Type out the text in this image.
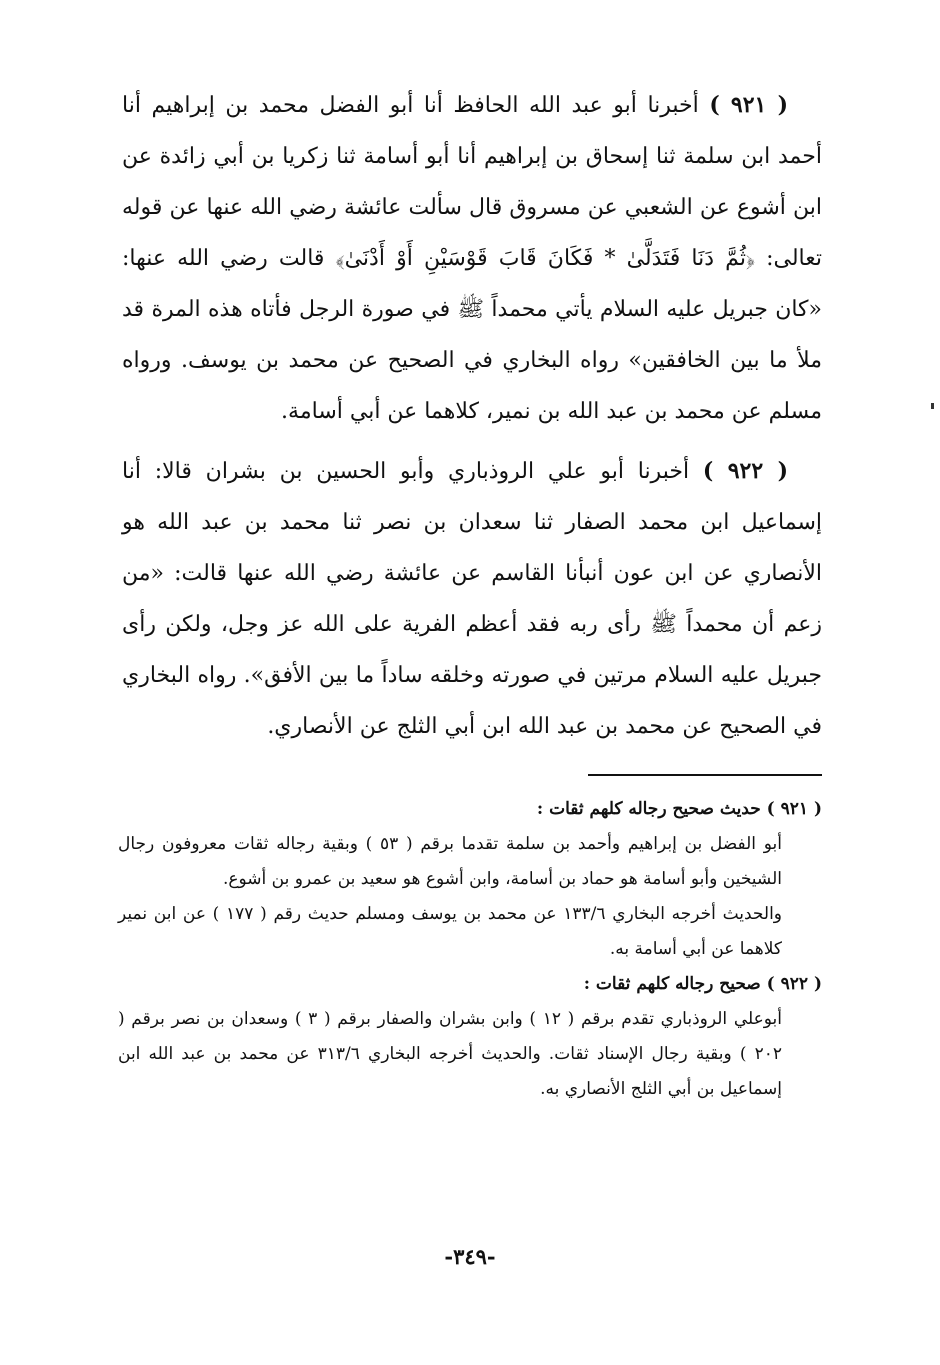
( ٩٢١ ) أخبرنا أبو عبد الله الحافظ أنا أبو الفضل محمد بن إبراهيم أنا أحمد ابن سلمة ثنا إسحاق بن إبراهيم أنا أبو أسامة ثنا زكريا بن أبي زائدة عن ابن أشوع عن الشعبي عن مسروق قال سألت عائشة رضي الله عنها عن قوله تعالى: ﴿ثُمَّ دَنَا فَتَدَلَّىٰ * فَكَانَ قَابَ قَوْسَيْنِ أَوْ أَدْنَىٰ﴾ قالت رضي الله عنها: «كان جبريل عليه السلام يأتي محمداً ﷺ في صورة الرجل فأتاه هذه المرة قد ملأ ما بين الخافقين» رواه البخاري في الصحيح عن محمد بن يوسف. ورواه مسلم عن محمد بن عبد الله بن نمير، كلاهما عن أبي أسامة.

( ٩٢٢ ) أخبرنا أبو علي الروذباري وأبو الحسين بن بشران قالا: أنا إسماعيل ابن محمد الصفار ثنا سعدان بن نصر ثنا محمد بن عبد الله هو الأنصاري عن ابن عون أنبأنا القاسم عن عائشة رضي الله عنها قالت: «من زعم أن محمداً ﷺ رأى ربه فقد أعظم الفرية على الله عز وجل، ولكن رأى جبريل عليه السلام مرتين في صورته وخلقه ساداً ما بين الأفق». رواه البخاري في الصحيح عن محمد بن عبد الله ابن أبي الثلج عن الأنصاري.

( ٩٢١ ) حديث صحيح رجاله كلهم ثقات :

أبو الفضل بن إبراهيم وأحمد بن سلمة تقدما برقم ( ٥٣ ) وبقية رجاله ثقات معروفون رجال الشيخين وأبو أسامة هو حماد بن أسامة، وابن أشوع هو سعيد بن عمرو بن أشوع.

والحديث أخرجه البخاري ١٣٣/٦ عن محمد بن يوسف ومسلم حديث رقم ( ١٧٧ ) عن ابن نمير كلاهما عن أبي أسامة به.

( ٩٢٢ ) صحيح رجاله كلهم ثقات :

أبوعلي الروذباري تقدم برقم ( ١٢ ) وابن بشران والصفار برقم ( ٣ ) وسعدان بن نصر برقم ( ٢٠٢ ) وبقية رجال الإسناد ثقات. والحديث أخرجه البخاري ٣١٣/٦ عن محمد بن عبد الله ابن إسماعيل بن أبي الثلج الأنصاري به.

-٣٤٩-
